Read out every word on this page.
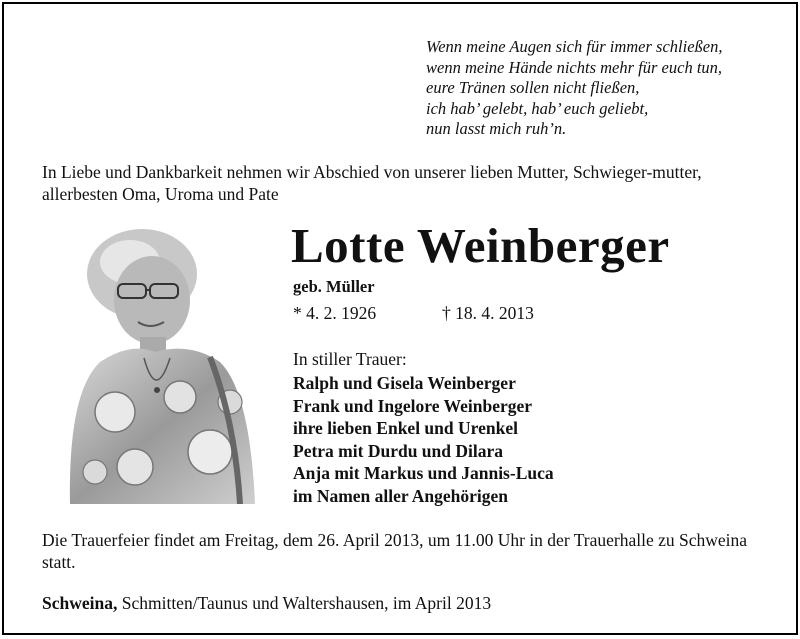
Wenn meine Augen sich für immer schließen,
wenn meine Hände nichts mehr für euch tun,
eure Tränen sollen nicht fließen,
ich hab’ gelebt, hab’ euch geliebt,
nun lasst mich ruh’n.
In Liebe und Dankbarkeit nehmen wir Abschied von unserer lieben Mutter, Schwieger-mutter, allerbesten Oma, Uroma und Pate
Lotte Weinberger
geb. Müller
* 4. 2. 1926	† 18. 4. 2013
In stiller Trauer:
Ralph und Gisela Weinberger
Frank und Ingelore Weinberger
ihre lieben Enkel und Urenkel
Petra mit Durdu und Dilara
Anja mit Markus und Jannis-Luca
im Namen aller Angehörigen
Die Trauerfeier findet am Freitag, dem 26. April 2013, um 11.00 Uhr in der Trauerhalle zu Schweina statt.
Schweina, Schmitten/Taunus und Waltershausen, im April 2013
